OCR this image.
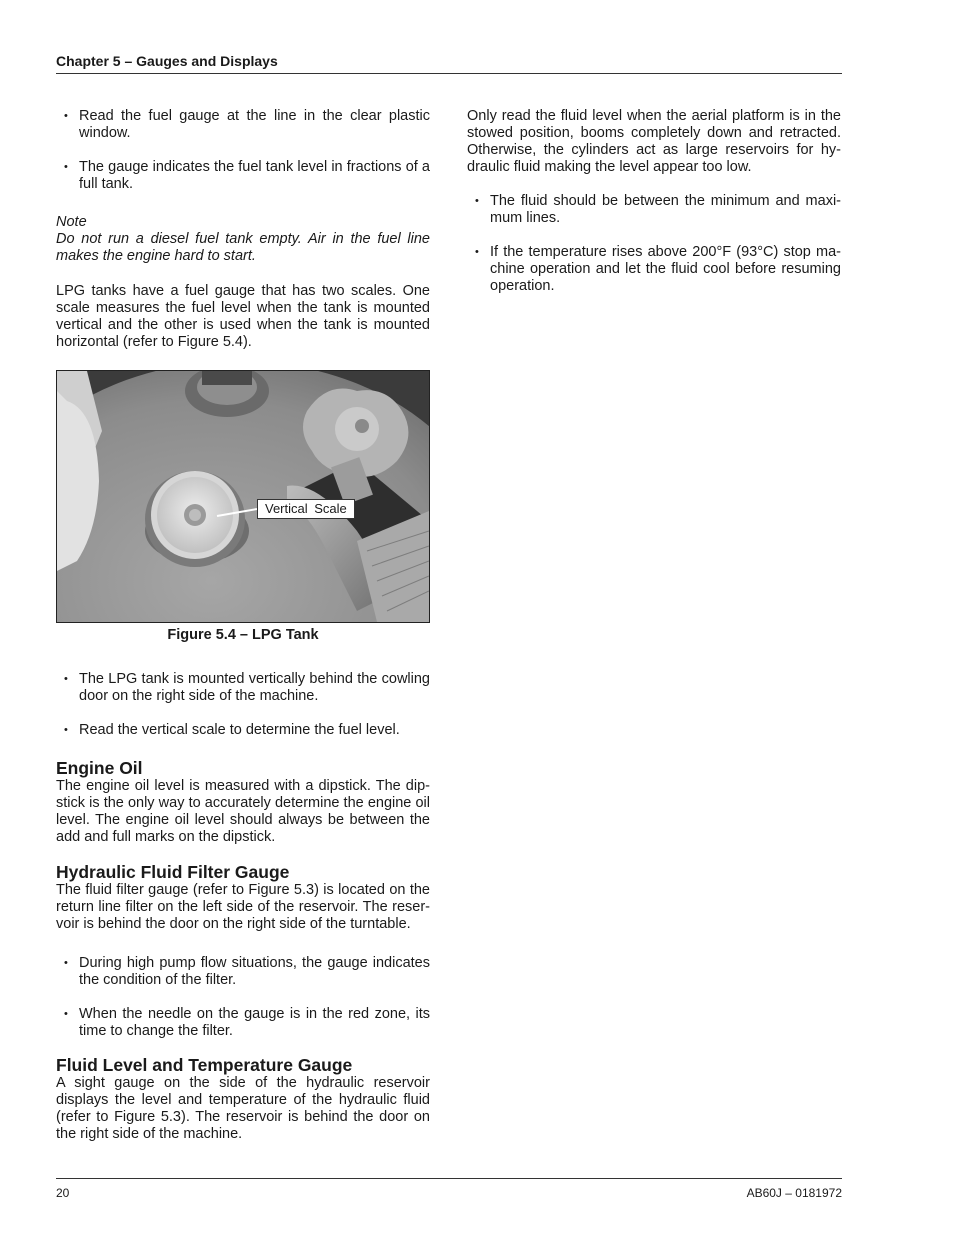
Chapter 5 – Gauges and Displays
• Read the fuel gauge at the line in the clear plastic window.
• The gauge indicates the fuel tank level in fractions of a full tank.
Note

Do not run a diesel fuel tank empty. Air in the fuel line makes the engine hard to start.

LPG tanks have a fuel gauge that has two scales. One scale measures the fuel level when the tank is mounted vertical and the other is used when the tank is mounted horizontal (refer to Figure 5.4).

Vertical Scale
Figure 5.4 – LPG Tank
• The LPG tank is mounted vertically behind the cowling door on the right side of the machine.
• Read the vertical scale to determine the fuel level.
Engine Oil

The engine oil level is measured with a dipstick. The dip-stick is the only way to accurately determine the engine oil level. The engine oil level should always be between the add and full marks on the dipstick.

Hydraulic Fluid Filter Gauge

The fluid filter gauge (refer to Figure 5.3) is located on the return line filter on the left side of the reservoir. The reser-voir is behind the door on the right side of the turntable.

• During high pump flow situations, the gauge indicates the condition of the filter.
• When the needle on the gauge is in the red zone, its time to change the filter.
Fluid Level and Temperature Gauge

A sight gauge on the side of the hydraulic reservoir displays the level and temperature of the hydraulic fluid (refer to Figure 5.3). The reservoir is behind the door on the right side of the machine.

Only read the fluid level when the aerial platform is in the stowed position, booms completely down and retracted. Otherwise, the cylinders act as large reservoirs for hy-draulic fluid making the level appear too low.

• The fluid should be between the minimum and maxi-mum lines.
• If the temperature rises above 200°F (93°C) stop ma-chine operation and let the fluid cool before resuming operation.
20	AB60J – 0181972
